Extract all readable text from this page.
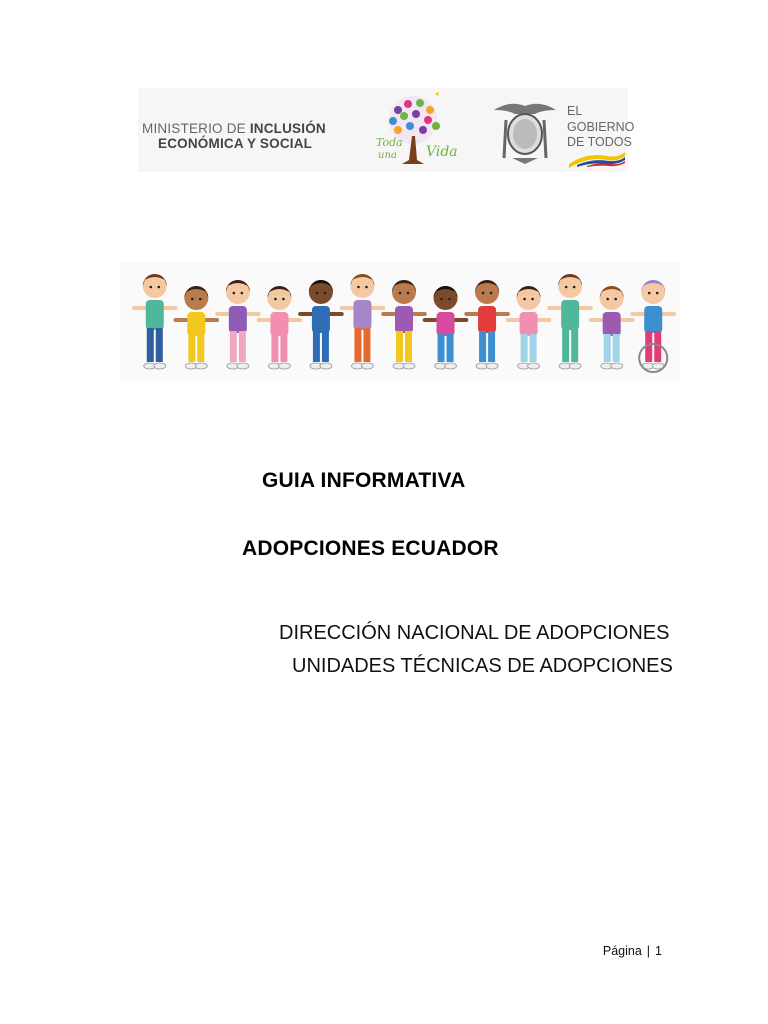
MINISTERIO DE INCLUSIÓN
ECONÓMICA Y SOCIAL	Toda
una Vida
EL
GOBIERNO
DE TODOS
GUIA INFORMATIVA
ADOPCIONES ECUADOR
DIRECCIÓN NACIONAL DE ADOPCIONES
UNIDADES TÉCNICAS DE ADOPCIONES
Página | 1
